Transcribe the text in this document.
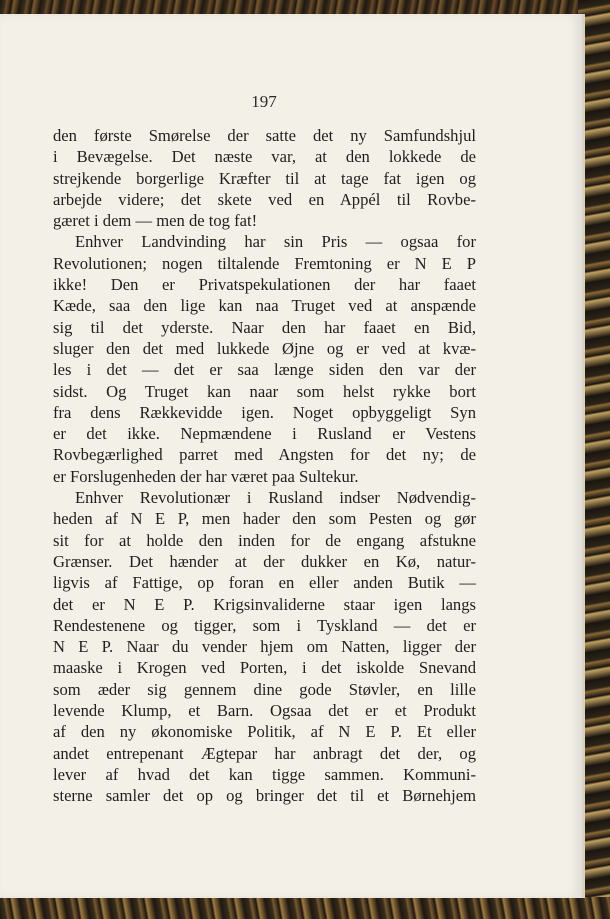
197
den første Smørelse der satte det ny Samfundshjul
i Bevægelse. Det næste var, at den lokkede de
strejkende borgerlige Kræfter til at tage fat igen og
arbejde videre; det skete ved en Appél til Rovbe-
gæret i dem — men de tog fat!
Enhver Landvinding har sin Pris — ogsaa for
Revolutionen; nogen tiltalende Fremtoning er N E P
ikke! Den er Privatspekulationen der har faaet
Kæde, saa den lige kan naa Truget ved at anspænde
sig til det yderste. Naar den har faaet en Bid,
sluger den det med lukkede Øjne og er ved at kvæ-
les i det — det er saa længe siden den var der
sidst. Og Truget kan naar som helst rykke bort
fra dens Rækkevidde igen. Noget opbyggeligt Syn
er det ikke. Nepmændene i Rusland er Vestens
Rovbegærlighed parret med Angsten for det ny; de
er Forslugenheden der har været paa Sultekur.
Enhver Revolutionær i Rusland indser Nødvendig-
heden af N E P, men hader den som Pesten og gør
sit for at holde den inden for de engang afstukne
Grænser. Det hænder at der dukker en Kø, natur-
ligvis af Fattige, op foran en eller anden Butik —
det er N E P. Krigsinvaliderne staar igen langs
Rendestenene og tigger, som i Tyskland — det er
N E P. Naar du vender hjem om Natten, ligger der
maaske i Krogen ved Porten, i det iskolde Snevand
som æder sig gennem dine gode Støvler, en lille
levende Klump, et Barn. Ogsaa det er et Produkt
af den ny økonomiske Politik, af N E P. Et eller
andet entrepenant Ægtepar har anbragt det der, og
lever af hvad det kan tigge sammen. Kommuni-
sterne samler det op og bringer det til et Børnehjem
